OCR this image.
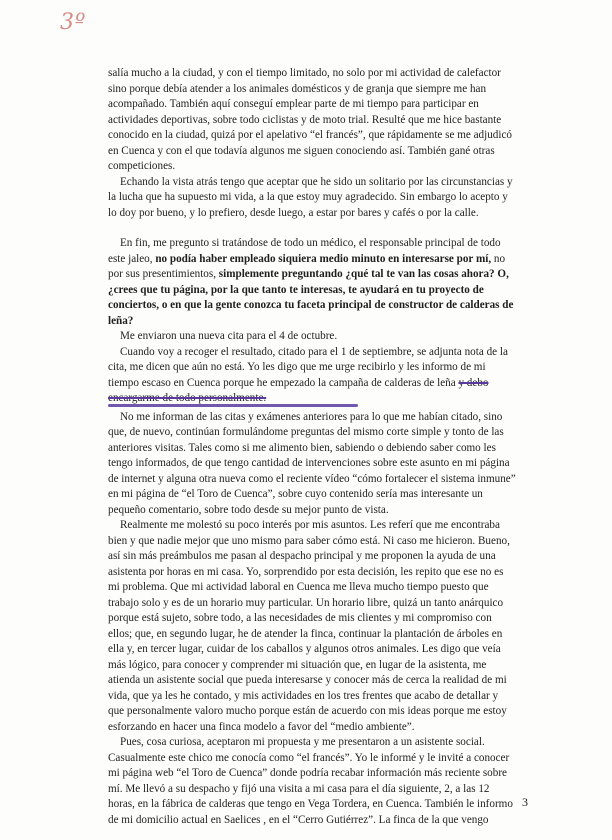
3º

salía mucho a la ciudad, y con el tiempo limitado, no solo por mi actividad de calefactor sino porque debía atender a los animales domésticos y de granja que siempre me han acompañado. También aquí conseguí emplear parte de mi tiempo para participar en actividades deportivas, sobre todo ciclistas y de moto trial. Resulté que me hice bastante conocido en la ciudad, quizá por el apelativo “el francés”, que rápidamente se me adjudicó en Cuenca y con el que todavía algunos me siguen conociendo así. También gané otras competiciones.

Echando la vista atrás tengo que aceptar que he sido un solitario por las circunstancias y la lucha que ha supuesto mi vida, a la que estoy muy agradecido. Sin embargo lo acepto y lo doy por bueno, y lo prefiero, desde luego, a estar por bares y cafés o por la calle.

En fin, me pregunto si tratándose de todo un médico, el responsable principal de todo este jaleo, no podía haber empleado siquiera medio minuto en interesarse por mí, no por sus presentimientos, simplemente preguntando ¿qué tal te van las cosas ahora? O, ¿crees que tu página, por la que tanto te interesas, te ayudará en tu proyecto de conciertos, o en que la gente conozca tu faceta principal de constructor de calderas de leña?

Me enviaron una nueva cita para el 4 de octubre.

Cuando voy a recoger el resultado, citado para el 1 de septiembre, se adjunta nota de la cita, me dicen que aún no está. Yo les digo que me urge recibirlo y les informo de mi tiempo escaso en Cuenca porque he empezado la campaña de calderas de leña y debo encargarme de todo personalmente.

No me informan de las citas y exámenes anteriores para lo que me habían citado, sino que, de nuevo, continúan formulándome preguntas del mismo corte simple y tonto de las anteriores visitas. Tales como si me alimento bien, sabiendo o debiendo saber como les tengo informados, de que tengo cantidad de intervenciones sobre este asunto en mi página de internet y alguna otra nueva como el reciente vídeo “cómo fortalecer el sistema inmune” en mi página de “el Toro de Cuenca”, sobre cuyo contenido sería mas interesante un pequeño comentario, sobre todo desde su mejor punto de vista.

Realmente me molestó su poco interés por mis asuntos. Les referí que me encontraba bien y que nadie mejor que uno mismo para saber cómo está. Ni caso me hicieron. Bueno, así sin más preámbulos me pasan al despacho principal y me proponen la ayuda de una asistenta por horas en mi casa. Yo, sorprendido por esta decisión, les repito que ese no es mi problema. Que mi actividad laboral en Cuenca me lleva mucho tiempo puesto que trabajo solo y es de un horario muy particular. Un horario libre, quizá un tanto anárquico porque está sujeto, sobre todo, a las necesidades de mis clientes y mi compromiso con ellos; que, en segundo lugar, he de atender la finca, continuar la plantación de árboles en ella y, en tercer lugar, cuidar de los caballos y algunos otros animales. Les digo que veía más lógico, para conocer y comprender mi situación que, en lugar de la asistenta, me atienda un asistente social que pueda interesarse y conocer más de cerca la realidad de mi vida, que ya les he contado, y mis actividades en los tres frentes que acabo de detallar y que personalmente valoro mucho porque están de acuerdo con mis ideas porque me estoy esforzando en hacer una finca modelo a favor del “medio ambiente”.

Pues, cosa curiosa, aceptaron mi propuesta y me presentaron a un asistente social. Casualmente este chico me conocía como “el francés”. Yo le informé y le invité a conocer mi página web “el Toro de Cuenca” donde podría recabar información más reciente sobre mí. Me llevó a su despacho y fijó una visita a mi casa para el día siguiente, 2, a las 12 horas, en la fábrica de calderas que tengo en Vega Tordera, en Cuenca. También le informo de mi domicilio actual en Saelices , en el “Cerro Gutiérrez”. La finca de la que vengo

3
